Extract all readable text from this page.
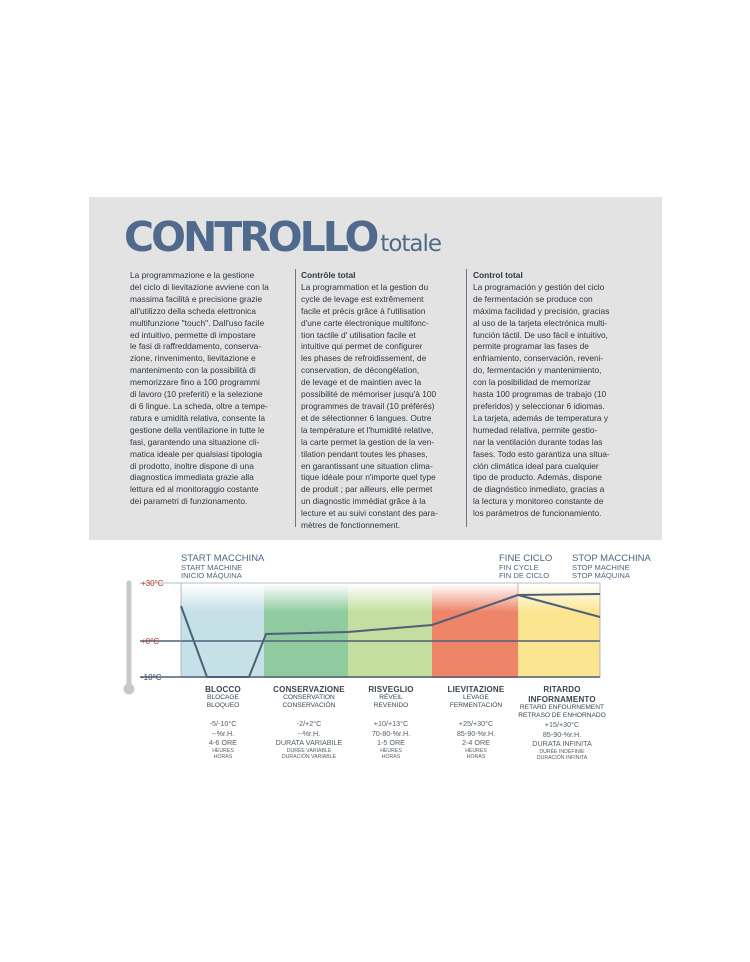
CONTROLLO totale
La programmazione e la gestione
del ciclo di lievitazione avviene con la
massima facilità e precisione grazie
all'utilizzo della scheda elettronica
multifunzione "touch". Dall'uso facile
ed intuitivo, permette di impostare
le fasi di raffreddamento, conserva-
zione, rinvenimento, lievitazione e
mantenimento con la possibilità di
memorizzare fino a 100 programmi
di lavoro (10 preferiti) e la selezione
di 6 lingue. La scheda, oltre a tempe-
ratura e umidità relativa, consente la
gestione della ventilazione in tutte le
fasi, garantendo una situazione cli-
matica ideale per qualsiasi tipologia
di prodotto, inoltre dispone di una
diagnostica immediata grazie alla
lettura ed al monitoraggio costante
dei parametri di funzionamento.
Contrôle total
La programmation et la gestion du
cycle de levage est extrêmement
facile et précis grâce à l'utilisation
d'une carte électronique multifonc-
tion tactile d' utilisation facile et
intuitive qui permet de configurer
les phases de refroidissement, de
conservation, de décongélation,
de levage et de maintien avec la
possibilité de mémoriser jusqu'à 100
programmes de travail (10 préférés)
et de sélectionner 6 langues. Outre
la température et l'humidité relative,
la carte permet la gestion de la ven-
tilation pendant toutes les phases,
en garantissant une situation clima-
tique idéale pour n'importe quel type
de produit ; par ailleurs, elle permet
un diagnostic immédiat grâce à la
lecture et au suivi constant des para-
mètres de fonctionnement.
Control total
La programación y gestión del ciclo
de fermentación se produce con
máxima facilidad y precisión, gracias
al uso de la tarjeta electrónica multi-
función táctil. De uso fácil e intuitivo,
permite programar las fases de
enfriamiento, conservación, reveni-
do, fermentación y mantenimiento,
con la posibilidad de memorizar
hasta 100 programas de trabajo (10
preferidos) y seleccionar 6 idiomas.
La tarjeta, además de temperatura y
humedad relativa, permite gestio-
nar la ventilación durante todas las
fases. Todo esto garantiza una situa-
ción climática ideal para cualquier
tipo de producto. Además, dispone
de diagnóstico inmediato, gracias a
la lectura y monitoreo constante de
los parámetros de funcionamiento.
+30°C
+0°C
-10°C
START MACCHINA
START MACHINE
INICIO MÁQUINA
FINE CICLO
FIN CYCLE
FIN DE CICLO
STOP MACCHINA
STOP MACHINE
STOP MÁQUINA
BLOCCO
BLOCAGE
BLOQUEO
-5/-10°C
--%r.H.
4-6 ORE
HEURES
HORAS
CONSERVAZIONE
CONSERVATION
CONSERVACIÓN
-2/+2°C
--%r.H.
DURATA VARIABILE
DURÉE VARIABLE
DURACIÓN VARIABLE
RISVEGLIO
RÉVEIL
REVENIDO
+10/+13°C
70-80-%r.H.
1-5 ORE
HEURES
HORAS
LIEVITAZIONE
LEVAGE
FERMENTACIÓN
+25/+30°C
85-90-%r.H.
2-4 ORE
HEURES
HORAS
RITARDO INFORNAMENTO
RETARD ENFOURNEMENT
RETRASO DE ENHORNADO
+15/+30°C
85-90-%r.H.
DURATA INFINITA
DURÉE INDÉFINIE
DURACIÓN INFINITA
